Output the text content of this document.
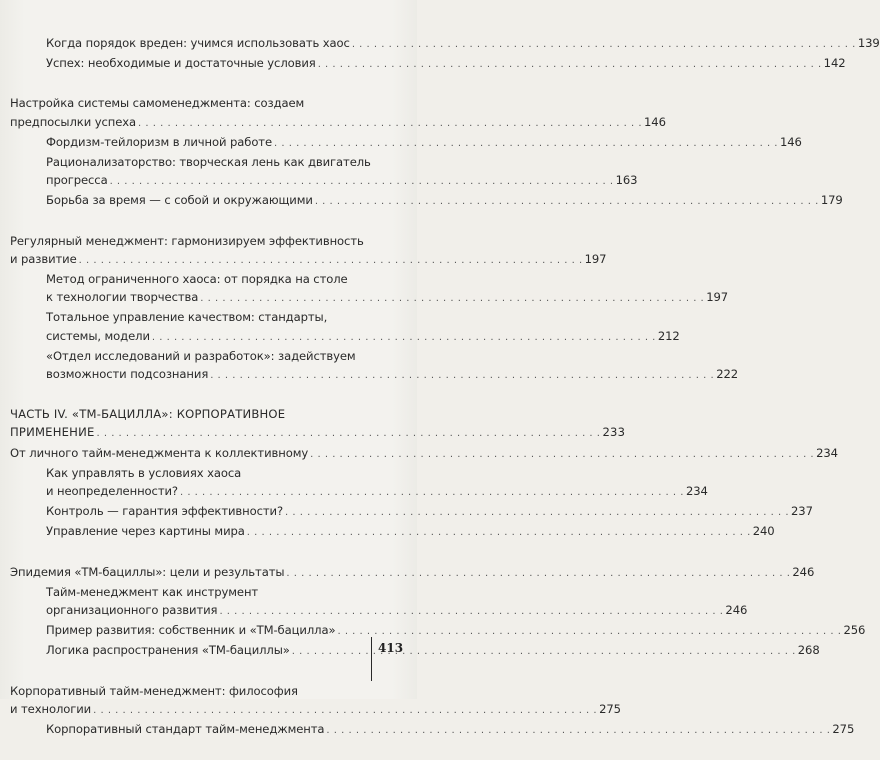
Когда порядок вреден: учимся использовать хаос . . .	139
Успех: необходимые и достаточные условия . . .	142
Настройка системы самоменеджмента: создаем
предпосылки успеха . . .	146
Фордизм-тейлоризм в личной работе . . .	146
Рационализаторство: творческая лень как двигатель
прогресса . . .	163
Борьба за время — с собой и окружающими . . .	179
Регулярный менеджмент: гармонизируем эффективность
и развитие . . .	197
Метод ограниченного хаоса: от порядка на столе
к технологии творчества . . .	197
Тотальное управление качеством: стандарты,
системы, модели . . .	212
«Отдел исследований и разработок»: задействуем
возможности подсознания . . .	222
ЧАСТЬ IV. «ТМ-БАЦИЛЛА»: КОРПОРАТИВНОЕ
ПРИМЕНЕНИЕ . . .	233
От личного тайм-менеджмента к коллективному . . .	234
Как управлять в условиях хаоса
и неопределенности? . . .	234
Контроль — гарантия эффективности? . . .	237
Управление через картины мира . . .	240
Эпидемия «ТМ-бациллы»: цели и результаты . . .	246
Тайм-менеджмент как инструмент
организационного развития . . .	246
Пример развития: собственник и «ТМ-бацилла» . . .	256
Логика распространения «ТМ-бациллы» . . .	268
Корпоративный тайм-менеджмент: философия
и технологии . . .	275
Корпоративный стандарт тайм-менеджмента . . .	275
413
